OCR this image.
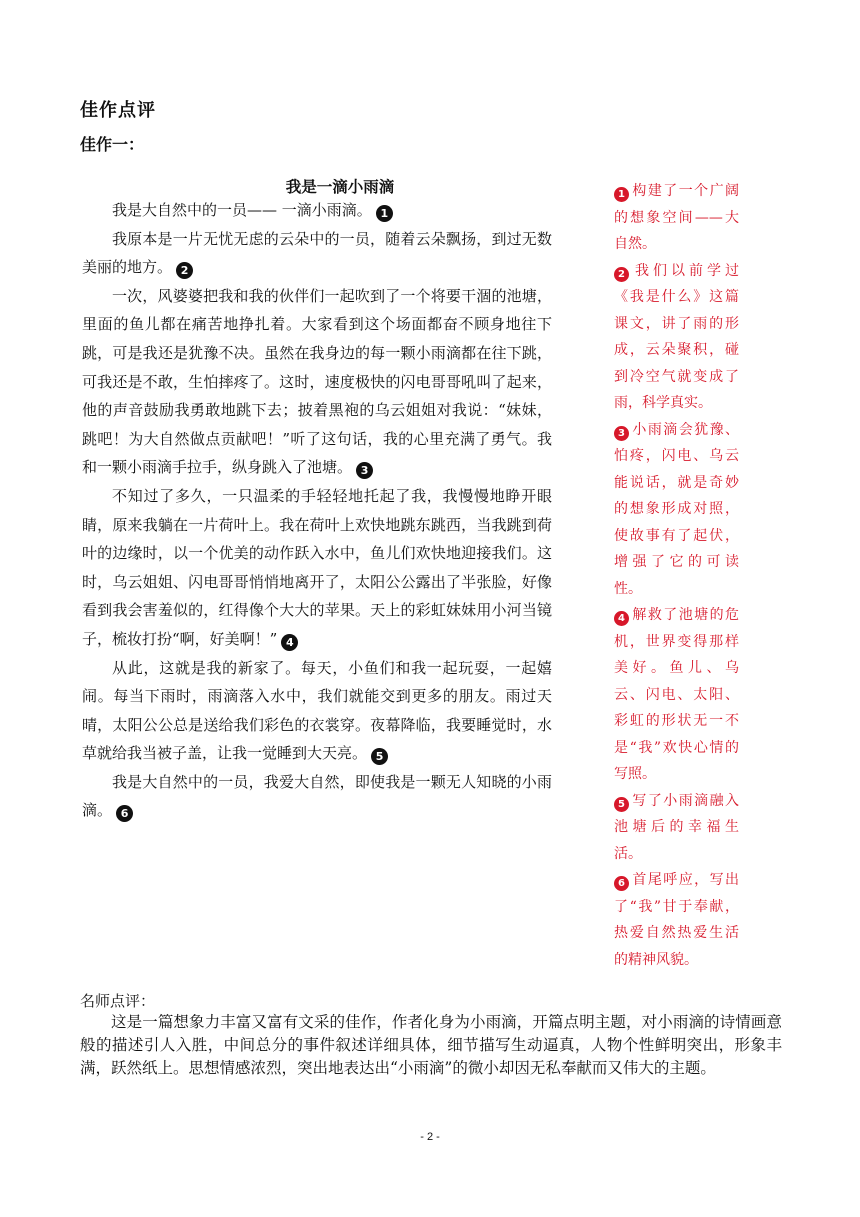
佳作点评
佳作一：
我是一滴小雨滴

我是大自然中的一员—— 一滴小雨滴。 1

我原本是一片无忧无虑的云朵中的一员，随着云朵飘扬，到过无数美丽的地方。 2

一次，风婆婆把我和我的伙伴们一起吹到了一个将要干涸的池塘，里面的鱼儿都在痛苦地挣扎着。大家看到这个场面都奋不顾身地往下跳，可是我还是犹豫不决。虽然在我身边的每一颗小雨滴都在往下跳，可我还是不敢，生怕摔疼了。这时，速度极快的闪电哥哥吼叫了起来，他的声音鼓励我勇敢地跳下去；披着黑袍的乌云姐姐对我说：“妹妹，跳吧！为大自然做点贡献吧！”听了这句话，我的心里充满了勇气。我和一颗小雨滴手拉手，纵身跳入了池塘。 3

不知过了多久，一只温柔的手轻轻地托起了我，我慢慢地睁开眼睛，原来我躺在一片荷叶上。我在荷叶上欢快地跳东跳西，当我跳到荷叶的边缘时，以一个优美的动作跃入水中，鱼儿们欢快地迎接我们。这时，乌云姐姐、闪电哥哥悄悄地离开了，太阳公公露出了半张脸，好像看到我会害羞似的，红得像个大大的苹果。天上的彩虹妹妹用小河当镜子，梳妆打扮“啊，好美啊！” 4

从此，这就是我的新家了。每天，小鱼们和我一起玩耍，一起嬉闹。每当下雨时，雨滴落入水中，我们就能交到更多的朋友。雨过天晴，太阳公公总是送给我们彩色的衣裳穿。夜幕降临，我要睡觉时，水草就给我当被子盖，让我一觉睡到大天亮。 5

我是大自然中的一员，我爱大自然，即使我是一颗无人知晓的小雨滴。 6

1 构建了一个广阔的想象空间——大自然。

2 我们以前学过《我是什么》这篇课文，讲了雨的形成，云朵聚积，碰到冷空气就变成了雨，科学真实。

3 小雨滴会犹豫、怕疼，闪电、乌云能说话，就是奇妙的想象形成对照，使故事有了起伏，增强了它的可读性。

4 解救了池塘的危机，世界变得那样美好。鱼儿、乌云、闪电、太阳、彩虹的形状无一不是“我”欢快心情的写照。

5 写了小雨滴融入池塘后的幸福生活。

6 首尾呼应，写出了“我”甘于奉献，热爱自然热爱生活的精神风貌。

名师点评：

这是一篇想象力丰富又富有文采的佳作，作者化身为小雨滴，开篇点明主题，对小雨滴的诗情画意般的描述引人入胜，中间总分的事件叙述详细具体，细节描写生动逼真，人物个性鲜明突出，形象丰满，跃然纸上。思想情感浓烈，突出地表达出“小雨滴”的微小却因无私奉献而又伟大的主题。

- 2 -
